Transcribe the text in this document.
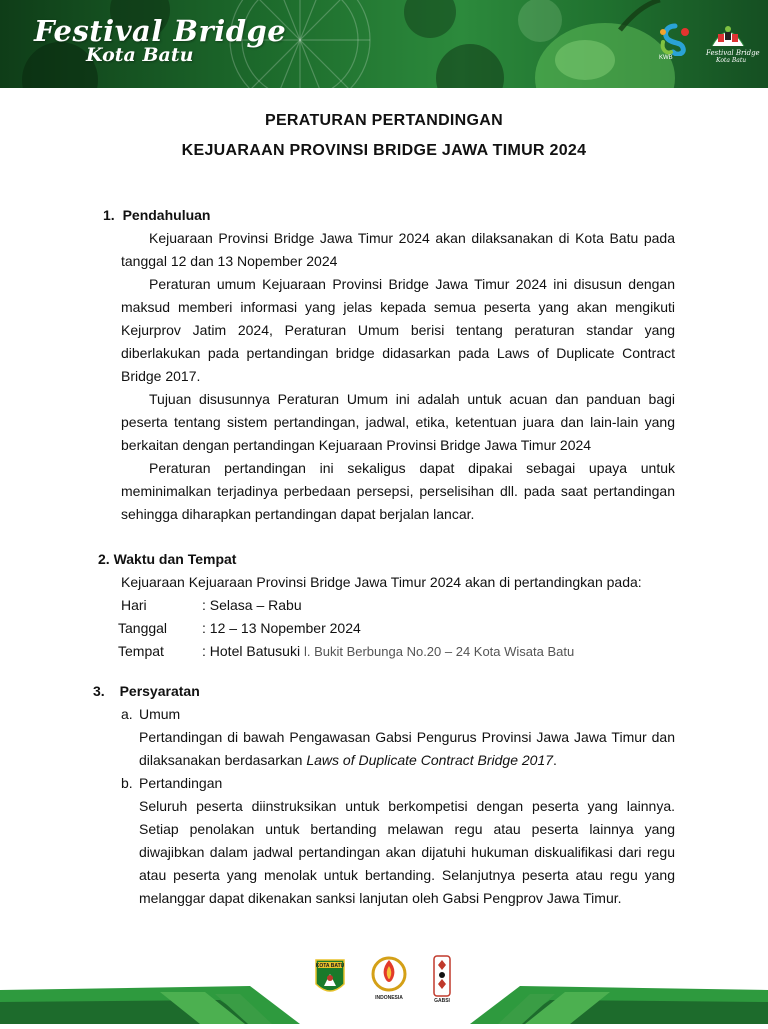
Festival Bridge
Kota Batu	KWB
Festival Bridge
Kota Batu
PERATURAN PERTANDINGAN
KEJUARAAN PROVINSI BRIDGE JAWA TIMUR 2024
1. Pendahuluan
Kejuaraan Provinsi Bridge Jawa Timur 2024 akan dilaksanakan di Kota Batu pada tanggal 12 dan 13 Nopember 2024
Peraturan umum Kejuaraan Provinsi Bridge Jawa Timur 2024 ini disusun dengan maksud memberi informasi yang jelas kepada semua peserta yang akan mengikuti Kejurprov Jatim 2024, Peraturan Umum berisi tentang peraturan standar yang diberlakukan pada pertandingan bridge didasarkan pada Laws of Duplicate Contract Bridge 2017.
Tujuan disusunnya Peraturan Umum ini adalah untuk acuan dan panduan bagi peserta tentang sistem pertandingan, jadwal, etika, ketentuan juara dan lain-lain yang berkaitan dengan pertandingan Kejuaraan Provinsi Bridge Jawa Timur 2024
Peraturan pertandingan ini sekaligus dapat dipakai sebagai upaya untuk meminimalkan terjadinya perbedaan persepsi, perselisihan dll. pada saat pertandingan sehingga diharapkan pertandingan dapat berjalan lancar.
2. Waktu dan Tempat
Kejuaraan Kejuaraan Provinsi Bridge Jawa Timur 2024 akan di pertandingkan pada:
Hari	: Selasa – Rabu
Tanggal : 12 – 13 Nopember 2024
Tempat	: Hotel Batusuki l. Bukit Berbunga No.20 – 24 Kota Wisata Batu
3. Persyaratan
a. Umum
Pertandingan di bawah Pengawasan Gabsi Pengurus Provinsi Jawa Jawa Timur dan dilaksanakan berdasarkan Laws of Duplicate Contract Bridge 2017.
b. Pertandingan
Seluruh peserta diinstruksikan untuk berkompetisi dengan peserta yang lainnya. Setiap penolakan untuk bertanding melawan regu atau peserta lainnya yang diwajibkan dalam jadwal pertandingan akan dijatuhi hukuman diskualifikasi dari regu atau peserta yang menolak untuk bertanding. Selanjutnya peserta atau regu yang melanggar dapat dikenakan sanksi lanjutan oleh Gabsi Pengprov Jawa Timur.
KOTA BATU
INDONESIA	GABSI
